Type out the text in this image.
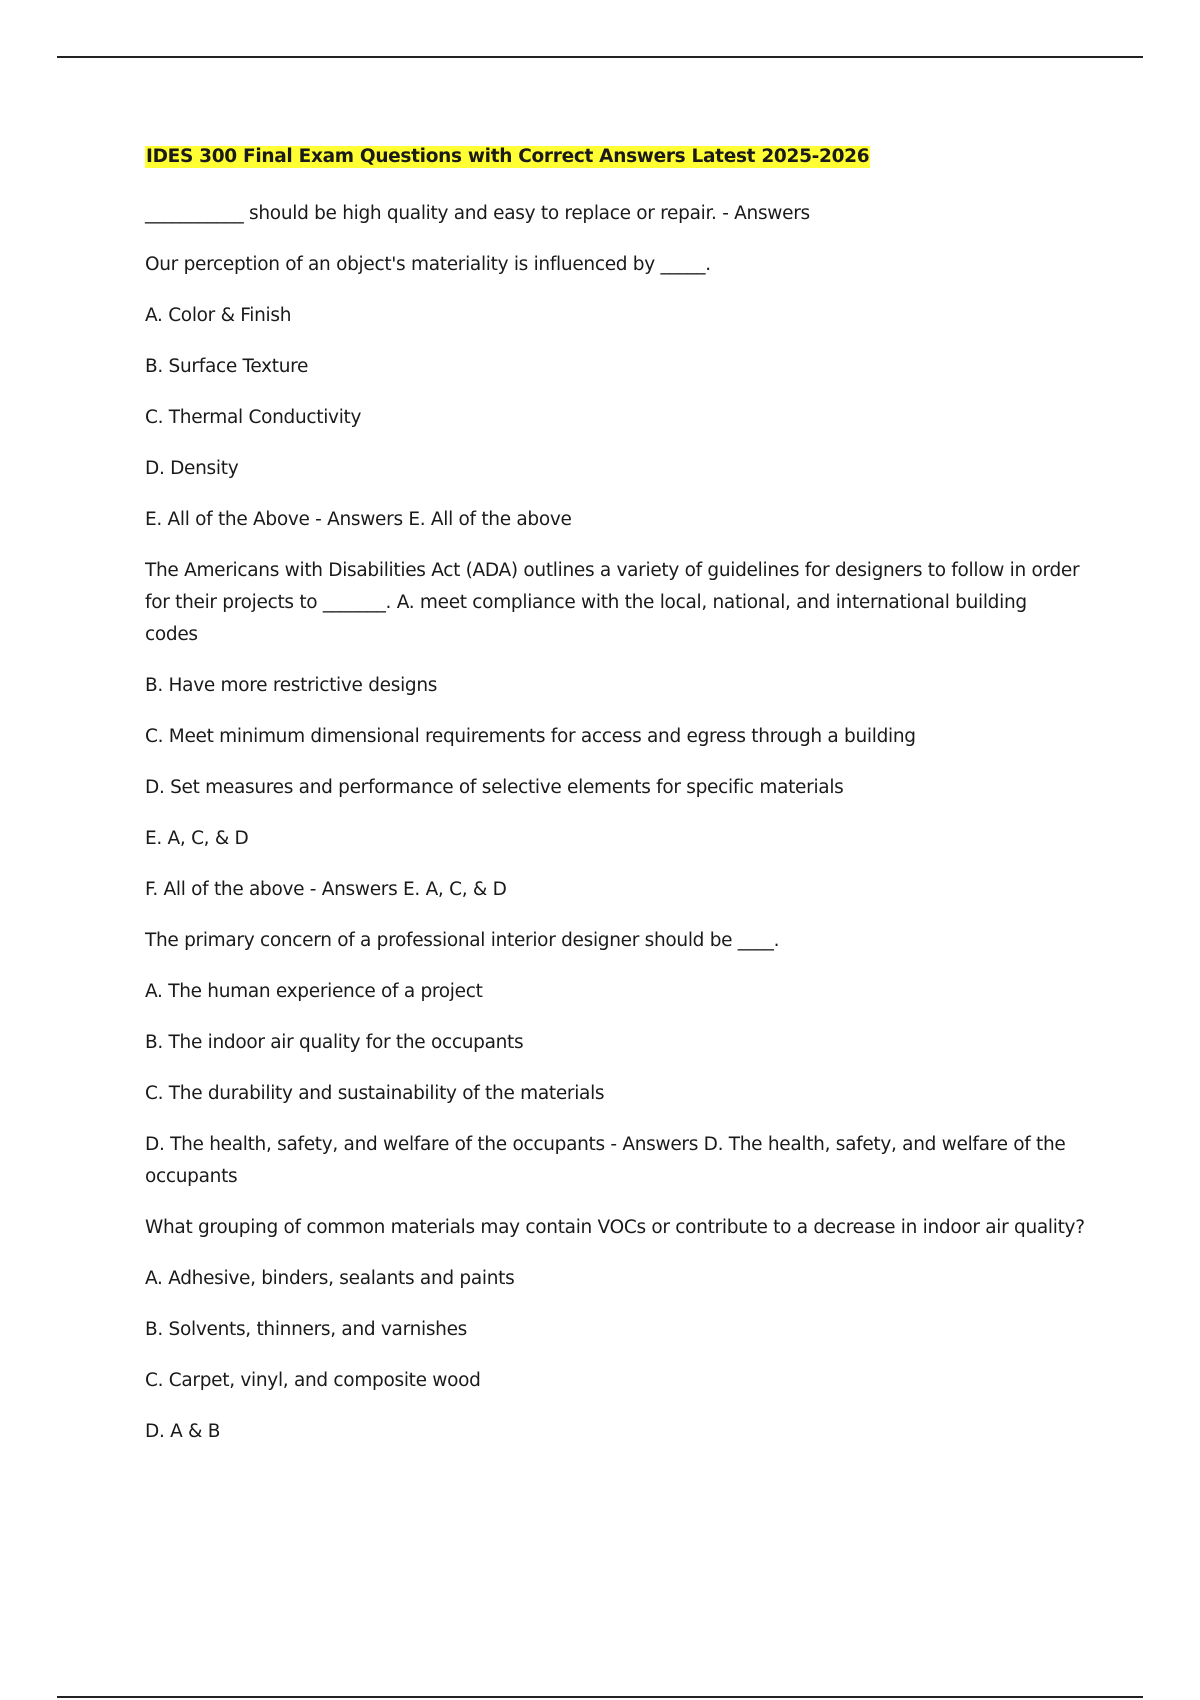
IDES 300 Final Exam Questions with Correct Answers Latest 2025-2026

___________ should be high quality and easy to replace or repair. - Answers

Our perception of an object's materiality is influenced by _____.

A. Color & Finish

B. Surface Texture

C. Thermal Conductivity

D. Density

E. All of the Above - Answers E. All of the above

The Americans with Disabilities Act (ADA) outlines a variety of guidelines for designers to follow in order for their projects to _______. A. meet compliance with the local, national, and international building codes

B. Have more restrictive designs

C. Meet minimum dimensional requirements for access and egress through a building

D. Set measures and performance of selective elements for specific materials

E. A, C, & D

F. All of the above - Answers E. A, C, & D

The primary concern of a professional interior designer should be ____.

A. The human experience of a project

B. The indoor air quality for the occupants

C. The durability and sustainability of the materials

D. The health, safety, and welfare of the occupants - Answers D. The health, safety, and welfare of the occupants

What grouping of common materials may contain VOCs or contribute to a decrease in indoor air quality?

A. Adhesive, binders, sealants and paints

B. Solvents, thinners, and varnishes

C. Carpet, vinyl, and composite wood

D. A & B
